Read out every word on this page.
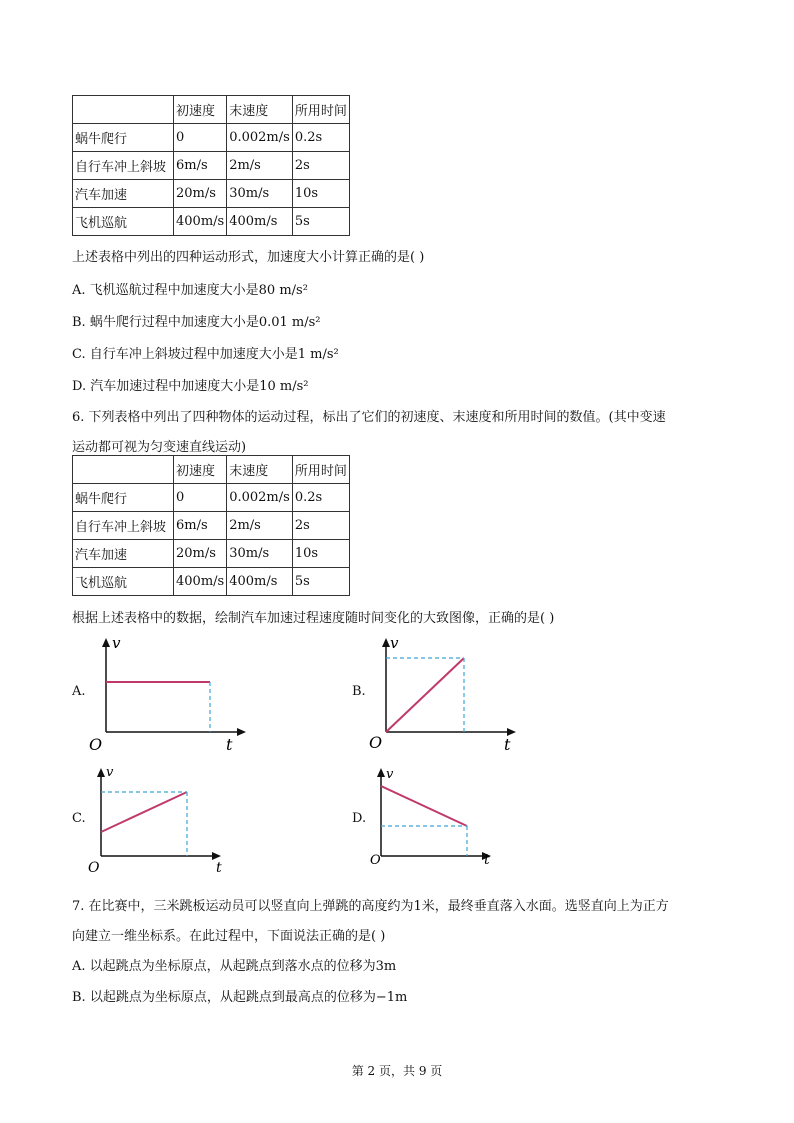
	初速度	末速度	所用时间
蜗牛爬行	0	0.002m/s	0.2s
自行车冲上斜坡	6m/s	2m/s	2s
汽车加速	20m/s	30m/s	10s
飞机巡航	400m/s	400m/s	5s
上述表格中列出的四种运动形式，加速度大小计算正确的是( )
A. 飞机巡航过程中加速度大小是80 m/s²
B. 蜗牛爬行过程中加速度大小是0.01 m/s²
C. 自行车冲上斜坡过程中加速度大小是1 m/s²
D. 汽车加速过程中加速度大小是10 m/s²
6. 下列表格中列出了四种物体的运动过程，标出了它们的初速度、末速度和所用时间的数值。(其中变速
运动都可视为匀变速直线运动)
	初速度	末速度	所用时间
蜗牛爬行	0	0.002m/s	0.2s
自行车冲上斜坡	6m/s	2m/s	2s
汽车加速	20m/s	30m/s	10s
飞机巡航	400m/s	400m/s	5s
根据上述表格中的数据，绘制汽车加速过程速度随时间变化的大致图像，正确的是( )
A.	B.
C.	D.
v
t
O
v
t
O
v
t
O
v
t
O
7. 在比赛中，三米跳板运动员可以竖直向上弹跳的高度约为1米，最终垂直落入水面。选竖直向上为正方
向建立一维坐标系。在此过程中，下面说法正确的是( )
A. 以起跳点为坐标原点，从起跳点到落水点的位移为3m
B. 以起跳点为坐标原点，从起跳点到最高点的位移为−1m
第 2 页，共 9 页
